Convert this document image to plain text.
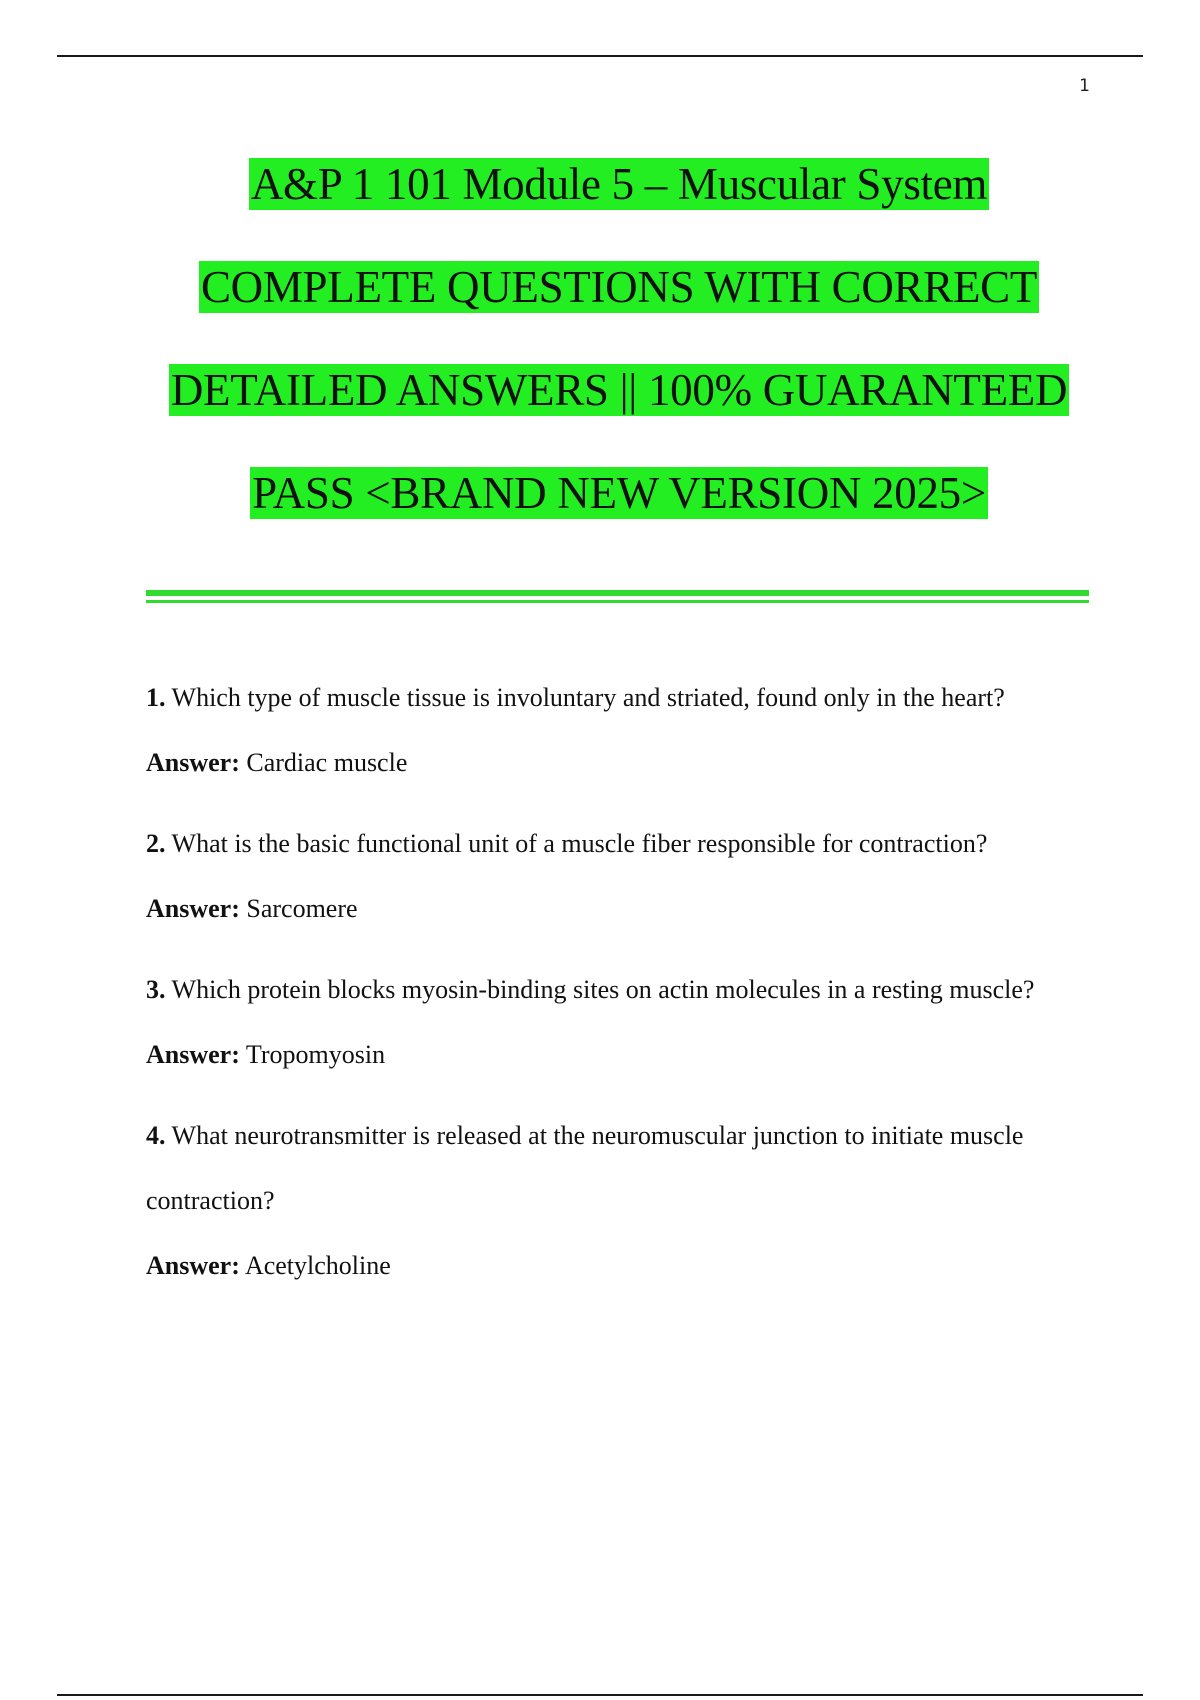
1
A&P 1 101 Module 5 – Muscular System
COMPLETE QUESTIONS WITH CORRECT
DETAILED ANSWERS || 100% GUARANTEED
PASS <BRAND NEW VERSION 2025>

1. Which type of muscle tissue is involuntary and striated, found only in the heart?

Answer: Cardiac muscle

2. What is the basic functional unit of a muscle fiber responsible for contraction?

Answer: Sarcomere

3. Which protein blocks myosin-binding sites on actin molecules in a resting muscle?

Answer: Tropomyosin

4. What neurotransmitter is released at the neuromuscular junction to initiate muscle contraction?

Answer: Acetylcholine
